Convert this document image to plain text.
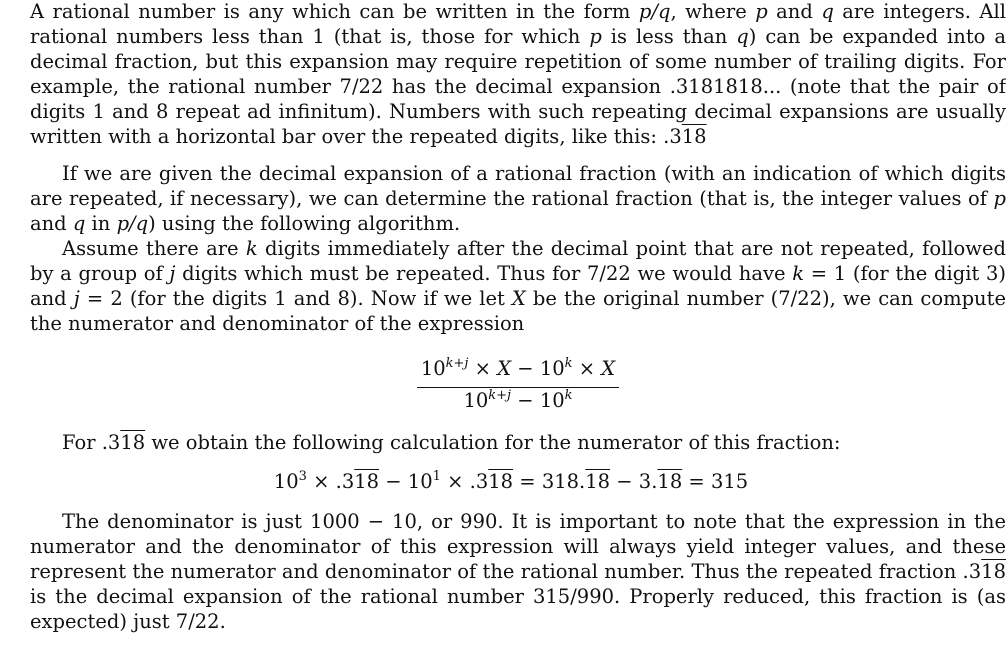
A rational number is any which can be written in the form p/q, where p and q are integers. All rational numbers less than 1 (that is, those for which p is less than q) can be expanded into a decimal fraction, but this expansion may require repetition of some number of trailing digits. For example, the rational number 7/22 has the decimal expansion .3181818... (note that the pair of digits 1 and 8 repeat ad infinitum). Numbers with such repeating decimal expansions are usually written with a horizontal bar over the repeated digits, like this: .318

If we are given the decimal expansion of a rational fraction (with an indication of which digits are repeated, if necessary), we can determine the rational fraction (that is, the integer values of p and q in p/q) using the following algorithm.

Assume there are k digits immediately after the decimal point that are not repeated, followed by a group of j digits which must be repeated. Thus for 7/22 we would have k = 1 (for the digit 3) and j = 2 (for the digits 1 and 8). Now if we let X be the original number (7/22), we can compute the numerator and denominator of the expression

$\frac{10^{k+j} \times X - 10^k \times X}{10^{k+j} - 10^k}$

For .318 we obtain the following calculation for the numerator of this fraction:

$10^3 \times .318 - 10^1 \times .318 = 318.18 - 3.18 = 315$

The denominator is just 1000 − 10, or 990. It is important to note that the expression in the numerator and the denominator of this expression will always yield integer values, and these represent the numerator and denominator of the rational number. Thus the repeated fraction .318 is the decimal expansion of the rational number 315/990. Properly reduced, this fraction is (as expected) just 7/22.
